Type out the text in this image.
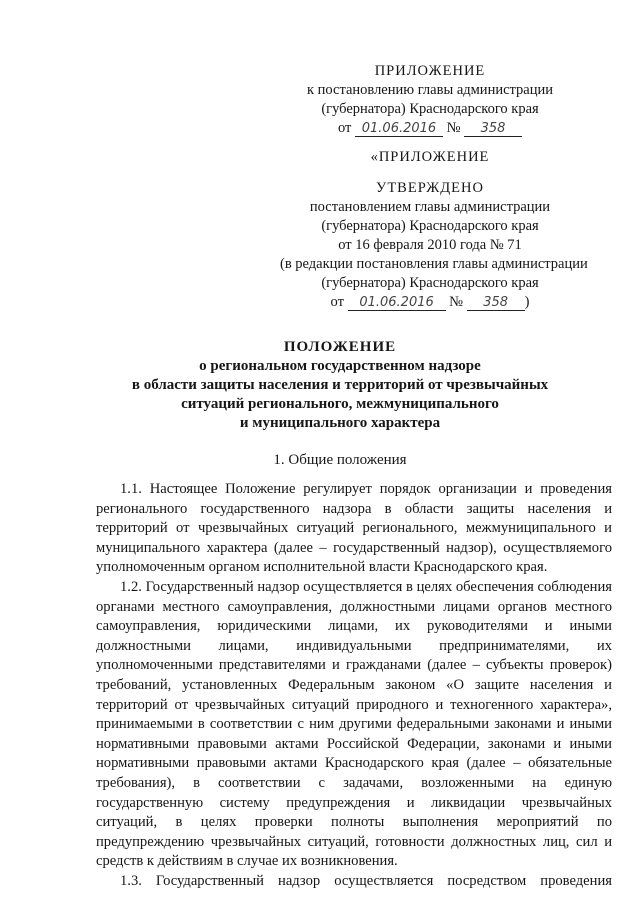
ПРИЛОЖЕНИЕ
к постановлению главы администрации
(губернатора) Краснодарского края
от 01.06.2016 № 358
«ПРИЛОЖЕНИЕ
УТВЕРЖДЕНО
постановлением главы администрации
(губернатора) Краснодарского края
от 16 февраля 2010 года № 71
(в редакции постановления главы администрации
(губернатора) Краснодарского края
от 01.06.2016 № 358 )
ПОЛОЖЕНИЕ
о региональном государственном надзоре
в области защиты населения и территорий от чрезвычайных
ситуаций регионального, межмуниципального
и муниципального характера
1. Общие положения

1.1. Настоящее Положение регулирует порядок организации и проведения регионального государственного надзора в области защиты населения и территорий от чрезвычайных ситуаций регионального, межмуниципального и муниципального характера (далее – государственный надзор), осуществляемого уполномоченным органом исполнительной власти Краснодарского края.

1.2. Государственный надзор осуществляется в целях обеспечения соблюдения органами местного самоуправления, должностными лицами органов местного самоуправления, юридическими лицами, их руководителями и иными должностными лицами, индивидуальными предпринимателями, их уполномоченными представителями и гражданами (далее – субъекты проверок) требований, установленных Федеральным законом «О защите населения и территорий от чрезвычайных ситуаций природного и техногенного характера», принимаемыми в соответствии с ним другими федеральными законами и иными нормативными правовыми актами Российской Федерации, законами и иными нормативными правовыми актами Краснодарского края (далее – обязательные требования), в соответствии с задачами, возложенными на единую государственную систему предупреждения и ликвидации чрезвычайных ситуаций, в целях проверки полноты выполнения мероприятий по предупреждению чрезвычайных ситуаций, готовности должностных лиц, сил и средств к действиям в случае их возникновения.

1.3. Государственный надзор осуществляется посредством проведения
